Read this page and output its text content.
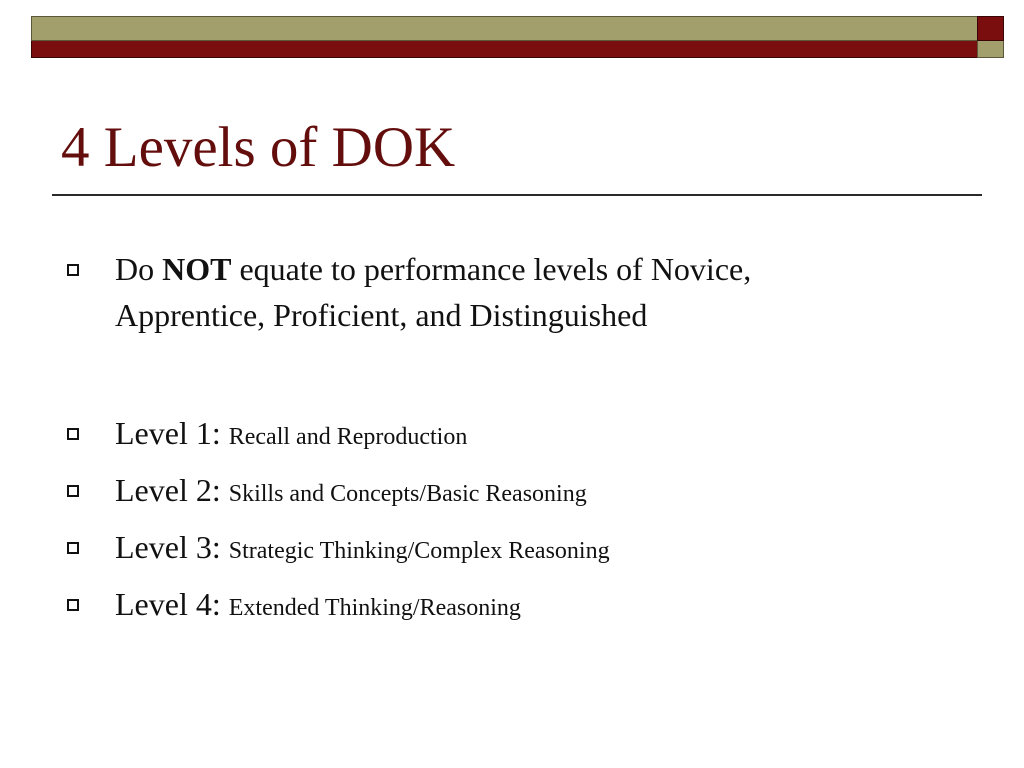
4 Levels of DOK
Do NOT equate to performance levels of Novice,
Apprentice, Proficient, and Distinguished
Level 1: Recall and Reproduction
Level 2: Skills and Concepts/Basic Reasoning
Level 3: Strategic Thinking/Complex Reasoning
Level 4: Extended Thinking/Reasoning
